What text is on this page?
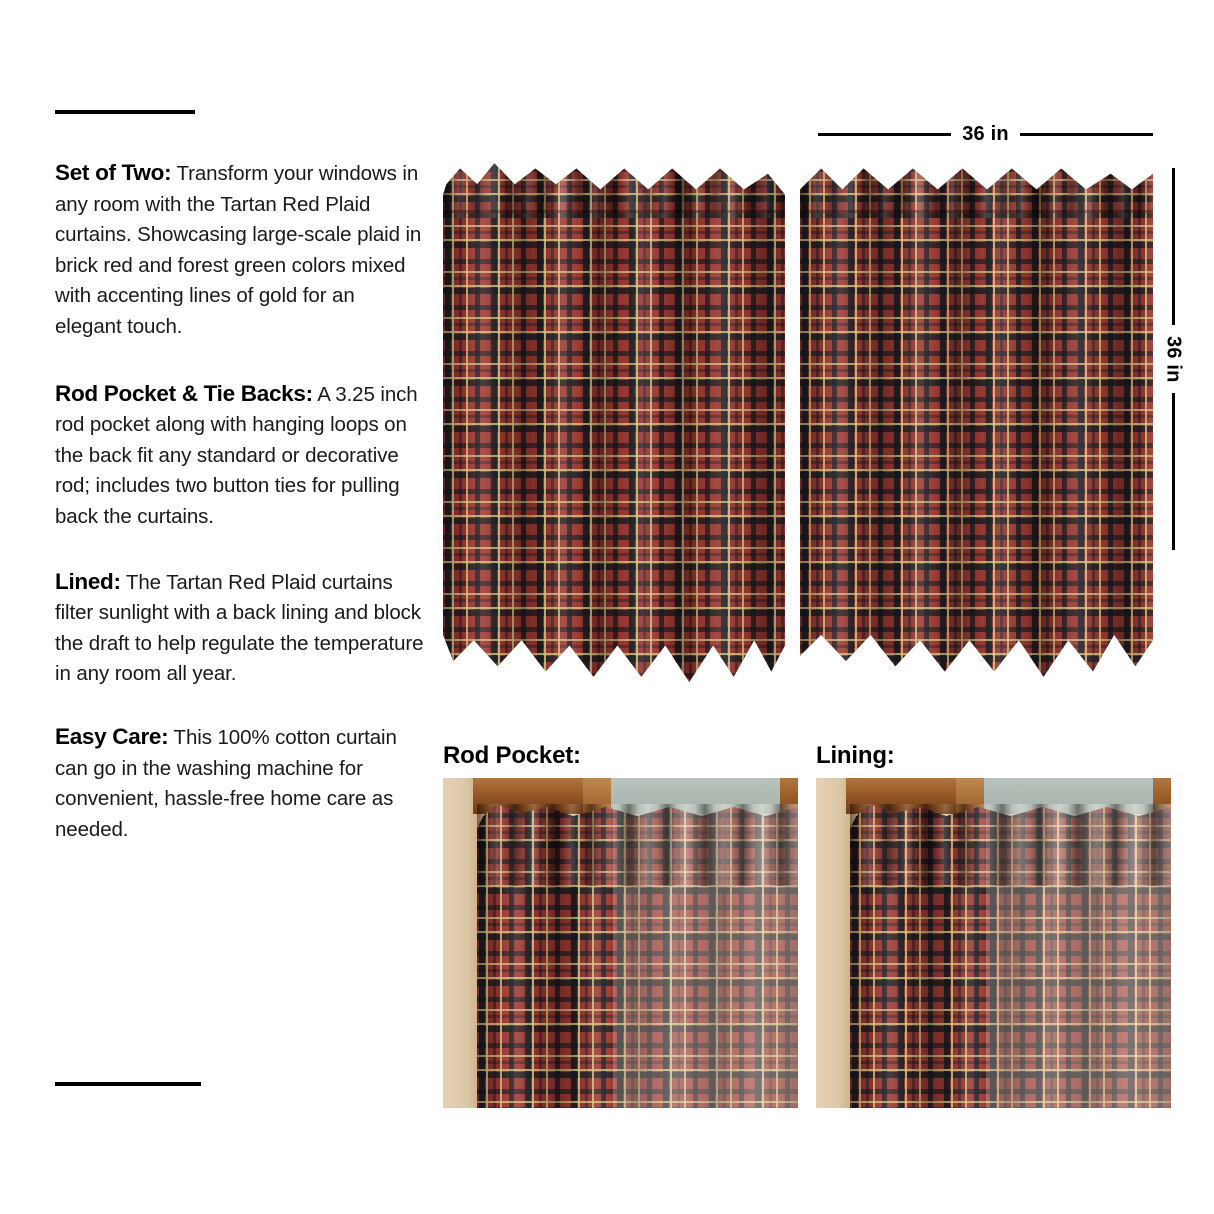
Set of Two: Transform your windows in any room with the Tartan Red Plaid curtains. Showcasing large-scale plaid in brick red and forest green colors mixed with accenting lines of gold for an elegant touch.

Rod Pocket & Tie Backs: A 3.25 inch rod pocket along with hanging loops on the back fit any standard or decorative rod; includes two button ties for pulling back the curtains.

Lined: The Tartan Red Plaid curtains filter sunlight with a back lining and block the draft to help regulate the temperature in any room all year.

Easy Care: This 100% cotton curtain can go in the washing machine for convenient, hassle-free home care as needed.

36 in
36 in
Rod Pocket:	Lining:
